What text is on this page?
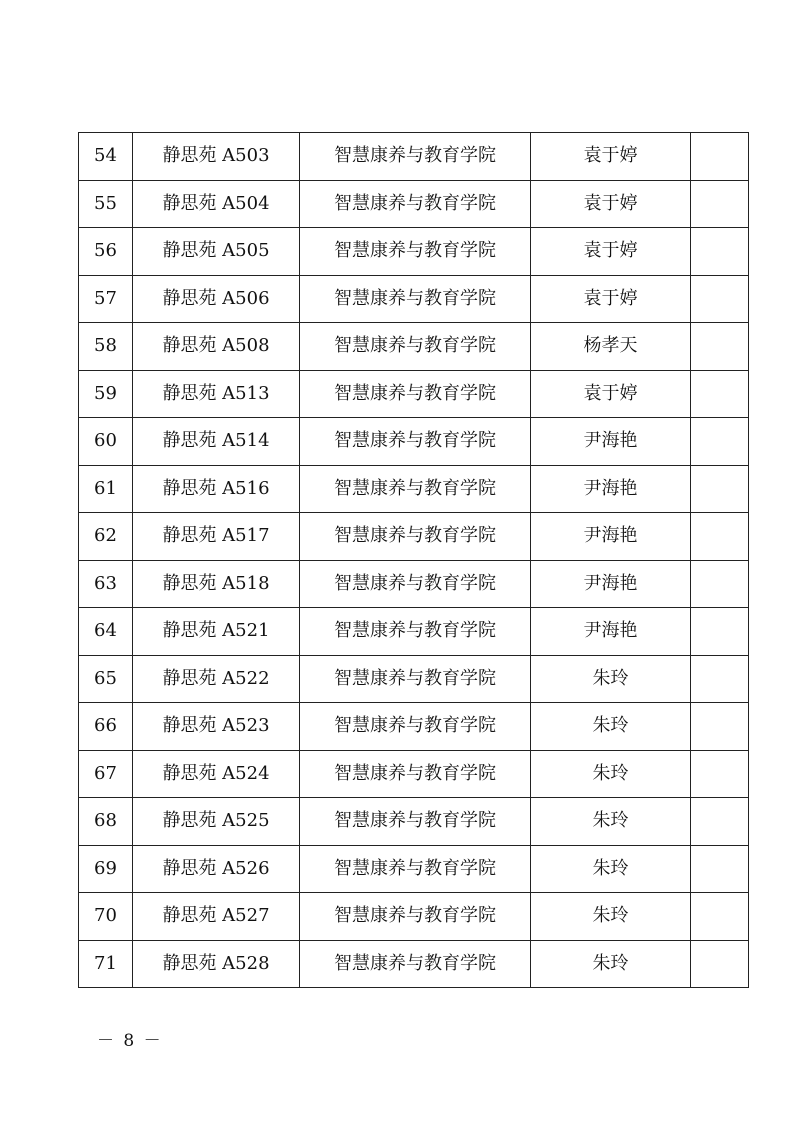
54	静思苑 A503	智慧康养与教育学院	袁于婷	
55	静思苑 A504	智慧康养与教育学院	袁于婷	
56	静思苑 A505	智慧康养与教育学院	袁于婷	
57	静思苑 A506	智慧康养与教育学院	袁于婷	
58	静思苑 A508	智慧康养与教育学院	杨孝天	
59	静思苑 A513	智慧康养与教育学院	袁于婷	
60	静思苑 A514	智慧康养与教育学院	尹海艳	
61	静思苑 A516	智慧康养与教育学院	尹海艳	
62	静思苑 A517	智慧康养与教育学院	尹海艳	
63	静思苑 A518	智慧康养与教育学院	尹海艳	
64	静思苑 A521	智慧康养与教育学院	尹海艳	
65	静思苑 A522	智慧康养与教育学院	朱玲	
66	静思苑 A523	智慧康养与教育学院	朱玲	
67	静思苑 A524	智慧康养与教育学院	朱玲	
68	静思苑 A525	智慧康养与教育学院	朱玲	
69	静思苑 A526	智慧康养与教育学院	朱玲	
70	静思苑 A527	智慧康养与教育学院	朱玲	
71	静思苑 A528	智慧康养与教育学院	朱玲	
－ 8 －
